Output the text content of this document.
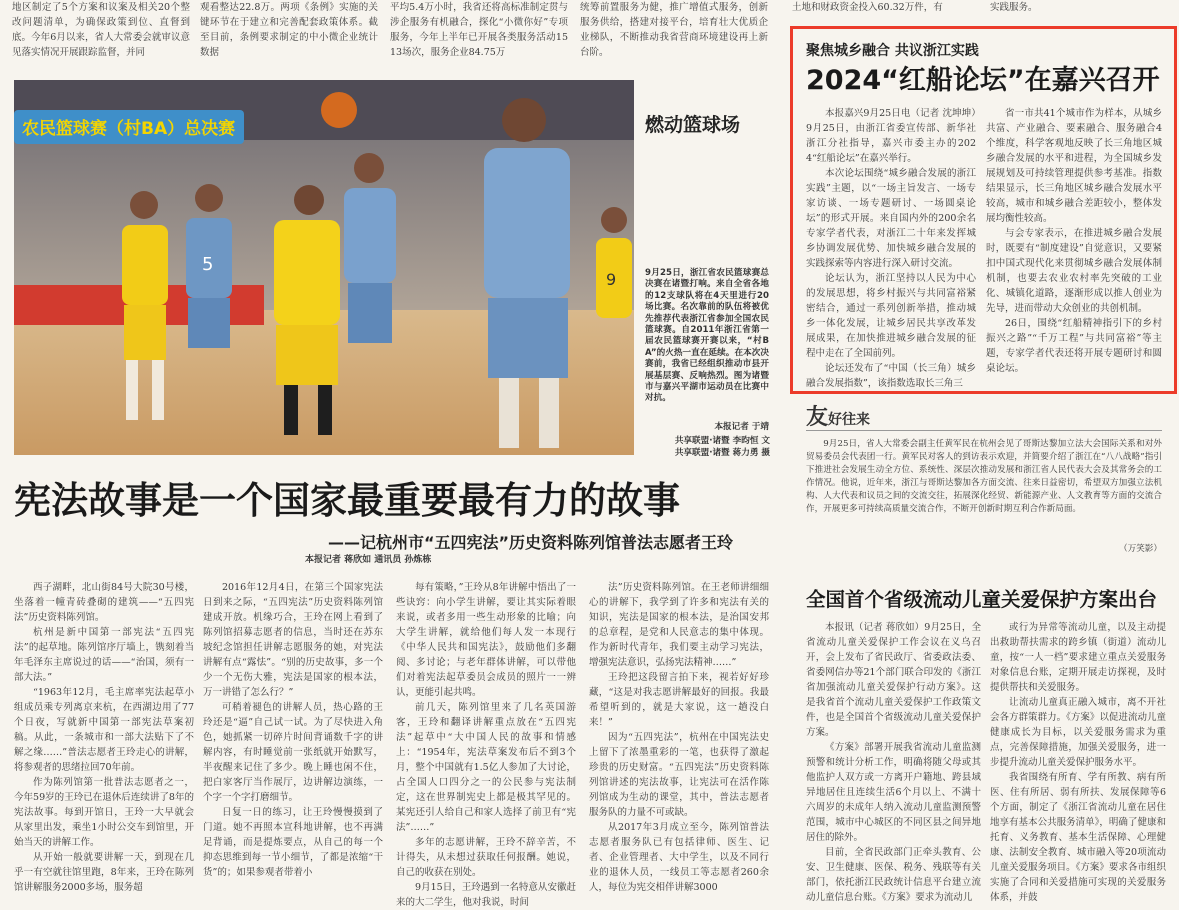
地区制定了5个方案和议案及相关20个整改问题清单，为确保政策到位、直督到底。今年6月以来，省人大常委会就审议意见落实情况开展跟踪监督，并同
观看整达22.8万。两项《条例》实施的关键环节在于建立和完善配套政策体系。截至目前，条例要求制定的中小微企业统计数据
平均5.4万小时，我省还将高标准制定贯与涉企服务有机融合，探化“小微你好”专项服务，今年上半年已开展各类服务活动1513场次，服务企业84.75万
统筹前置服务为健，推广增值式服务，创新服务供给，搭建对接平台，培育壮大优质企业梯队，不断推动我省营商环境建设再上新台阶。
土地和财政资金投入60.32万件，有	实践服务。
农民篮球赛（村BA）总决赛
5
9
燃动篮球场
9月25日，浙江省农民篮球赛总决赛在诸暨打响。来自全省各地的12支球队将在4天里进行20场比赛。名次靠前的队伍将被优先推荐代表浙江省参加全国农民篮球赛。自2011年浙江省第一届农民篮球赛开赛以来，“村BA”的火热一直在延续。在本次决赛前，我省已经组织推动市县开展基层赛、反响热烈。图为诸暨市与嘉兴平湖市运动员在比赛中对抗。
本报记者 于靖
共享联盟·诸暨 李昀恒 文
共享联盟·诸暨 蒋力勇 摄
聚焦城乡融合 共议浙江实践
2024“红船论坛”在嘉兴召开

本报嘉兴9月25日电（记者 沈坤坤）9月25日，由浙江省委宣传部、新华社浙江分社指导，嘉兴市委主办的2024“红船论坛”在嘉兴举行。

本次论坛围绕“城乡融合发展的浙江实践”主题，以“一场主旨发言、一场专家访谈、一场专题研讨、一场圆桌论坛”的形式开展。来自国内外的200余名专家学者代表，对浙江二十年来发挥城乡协调发展优势、加快城乡融合发展的实践探索等内容进行深入研讨交流。

论坛认为，浙江坚持以人民为中心的发展思想，将乡村振兴与共同富裕紧密结合，通过一系列创新举措，推动城乡一体化发展，让城乡居民共享改革发展成果，在加快推进城乡融合发展的征程中走在了全国前列。

论坛还发布了“中国（长三角）城乡融合发展指数”，该指数选取长三角三

省一市共41个城市作为样本，从城乡共富、产业融合、要素融合、服务融合4个维度，科学客观地反映了长三角地区城乡融合发展的水平和进程，为全国城乡发展规划及可持续管理提供参考基准。指数结果显示，长三角地区城乡融合发展水平较高，城市和城乡融合差距较小，整体发展均衡性较高。

与会专家表示，在推进城乡融合发展时，既要有“制度建设”自觉意识，又要紧扣中国式现代化来贯彻城乡融合发展体制机制，也要去农业农村率先突破的工业化、城镇化道路，逐渐形成以推人创业为先导，进而带动大众创业的共创机制。

26日，围绕“红船精神指引下的乡村振兴之路”“千万工程”与共同富裕”等主题，专家学者代表还将开展专题研讨和圆桌论坛。

友好往来
9月25日，省人大常委会副主任黄军民在杭州会见了哥斯达黎加立法大会国际关系和对外贸易委员会代表团一行。黄军民对客人的到访表示欢迎，并简要介绍了浙江在“八八战略”指引下推进社会发展生动全方位、系统性、深层次推动发展和浙江省人民代表大会及其常务会的工作情况。他说，近年来，浙江与哥斯达黎加各方面交流、往来日益密切，希望双方加强立法机构、人大代表和议员之间的交流交往，拓展深化经贸、新能源产业、人文教育等方面的交流合作，开展更多可持续高质量交流合作，不断开创新时期互利合作新局面。
（万笑影）
宪法故事是一个国家最重要最有力的故事
——记杭州市“五四宪法”历史资料陈列馆普法志愿者王玲
本报记者 蒋欣如 通讯员 孙炼栋

西子湖畔，北山街84号大院30号楼，坐落着一幢青砖叠砌的建筑——“五四宪法”历史资料陈列馆。

杭州是新中国第一部宪法“五四宪法”的起草地。陈列馆序厅墙上，镌刻着当年毛泽东主席说过的话——“治国，须有一部大法。”

“1963年12月，毛主席率宪法起草小组成员乘专列离京来杭，在西湖边用了77个日夜，写就新中国第一部宪法草案初稿。从此，一条城市和一部大法贴下了不解之缘……”普法志愿者王玲走心的讲解，将参观者的思绪拉回70年前。

作为陈列馆第一批普法志愿者之一，今年59岁的王玲已在退休后连续讲了8年的宪法故事。每到开馆日，王玲一大早就会从家里出发，乘坐1小时公交车到馆里，开始当天的讲解工作。

从开始一般就要讲解一天，到现在几乎一有空就往馆里跑，8年来，王玲在陈列馆讲解服务2000多场，服务超

2016年12月4日，在第三个国家宪法日到来之际，“五四宪法”历史资料陈列馆建成开放。机缘巧合，王玲在网上看到了陈列馆招募志愿者的信息，当时还在苏东坡纪念馆担任讲解志愿服务的她，对宪法讲解有点“露怯”。“别的历史故事，多一个少一个无伤大雅，宪法是国家的根本法，万一讲错了怎么行？”

可稍着褪色的讲解人员，热心路的王玲还是“逼”自己试一试。为了尽快进入角色，她抓紧一切碎片时间背诵数千字的讲解内容，有时睡觉前一张纸就开始默写，半夜醒来记住了多少。晚上睡也闲不住，把白家客厅当作展厅，边讲解边演练，一个字一个字打磨细节。

日复一日的练习，让王玲慢慢摸到了门道。她不再照本宣科地讲解，也不再满足背诵，而是提炼要点，从自己的每一个抑态思维到每一节小细节，了都是浓缩“干货”的；如果参观者带着小

每有策略，”王玲从8年讲解中悟出了一些诀窍：向小学生讲解，要让其实际着眼来说，或者多用一些生动形象的比喻；向大学生讲解，就给他们每人发一本现行《中华人民共和国宪法》，鼓励他们多翻阅、多讨论；与老年群体讲解，可以带他们对着宪法起草委员会成员的照片一一辨认，更能引起共鸣。

前几天，陈列馆里来了几名英国游客，王玲和翻译讲解重点放在“五四宪法”起草中“大中国人民的故事和情感上：“1954年，宪法草案发布后不到3个月，整个中国就有1.5亿人参加了大讨论，占全国人口四分之一的公民参与宪法制定，这在世界制宪史上都是极其罕见的。某宪还引人给自己和家人选择了前卫有“宪法”……”

多年的志愿讲解，王玲不辞辛苦，不计得失，从未想过获取任何报酬。她说，自己的收获在别处。

9月15日，王玲遇到一名特意从安徽赶来的大二学生，他对我说，时间

法”历史资料陈列馆。在王老师讲细细心的讲解下，我学到了许多和宪法有关的知识，宪法是国家的根本法，是治国安邦的总章程，是党和人民意志的集中体现。作为新时代青年，我们要主动学习宪法，增强宪法意识，弘扬宪法精神……”

王玲把这段留言拍下来，视若好好珍藏，“这是对我志愿讲解最好的回报。我最希望听到的，就是大家说，这一趟没白来！”

因为“五四宪法”，杭州在中国宪法史上留下了浓墨重彩的一笔，也获得了激起珍贵的历史财富。“五四宪法”历史资料陈列馆讲述的宪法故事，让宪法可在活作陈列馆成为生动的课堂，其中，普法志愿者服务队的力量不可或缺。

从2017年3月成立至今，陈列馆普法志愿者服务队已有包括律师、医生、记者、企业管理者、大中学生，以及不同行业的退休人员，一线员工等志愿者260余人，每位为宪交相伴讲解3000

全国首个省级流动儿童关爱保护方案出台

本报讯（记者 蒋欣如）9月25日，全省流动儿童关爱保护工作会议在义乌召开，会上发布了省民政厅、省委政法委、省委网信办等21个部门联合印发的《浙江省加强流动儿童关爱保护行动方案》。这是我省首个流动儿童关爱保护工作政策文件，也是全国首个省级流动儿童关爱保护方案。

《方案》部署开展我省流动儿童监测预警和统计分析工作，明确将随父母或其他监护人双方或一方离开户籍地、跨县域异地居住且连续生活6个月以上、不满十六周岁的未成年人纳入流动儿童监测预警范围，城市中心城区的不同区县之间异地居住的除外。

目前，全省民政部门正牵头教育、公安、卫生健康、医保、税务、残联等有关部门，依托浙江民政统计信息平台建立流动儿童信息台账。《方案》要求为流动儿

或行为异常等流动儿童，以及主动提出救助帮扶需求的跨乡镇（街道）流动儿童，按“一人一档”要求建立重点关爱服务对象信息台账，定期开展走访探视，及时提供帮扶和关爱服务。

让流动儿童真正融入城市，离不开社会各方群策群力。《方案》以促进流动儿童健康成长为目标，以关爱服务需求为重点，完善保障措施，加强关爱服务，进一步提升流动儿童关爱保护服务水平。

我省围绕有所育、学有所教、病有所医、住有所居、弱有所扶、发展保障等6个方面，制定了《浙江省流动儿童在居住地享有基本公共服务清单》，明确了健康和托育、义务教育、基本生活保障、心理健康、法制安全教育、城市融入等20项流动儿童关爱服务项目。《方案》要求各市组织实施了合同和关爱措施可实现的关爱服务体系，并鼓
